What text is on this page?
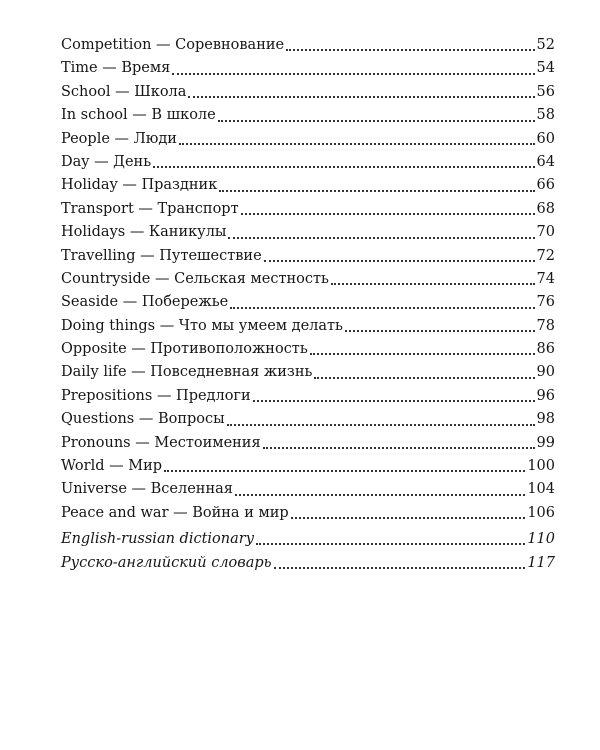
Competition — Соревнование	52
Time — Время	54
School — Школа	56
In school — В школе	58
People — Люди	60
Day — День	64
Holiday — Праздник	66
Transport — Транспорт	68
Holidays — Каникулы	70
Travelling — Путешествие	72
Countryside — Сельская местность	74
Seaside — Побережье	76
Doing things — Что мы умеем делать	78
Opposite — Противоположность	86
Daily life — Повседневная жизнь	90
Prepositions — Предлоги	96
Questions — Вопросы	98
Pronouns — Местоимения	99
World — Мир	100
Universe — Вселенная	104
Peace and war — Война и мир	106
English-russian dictionary	110
Русско-английский словарь	117
